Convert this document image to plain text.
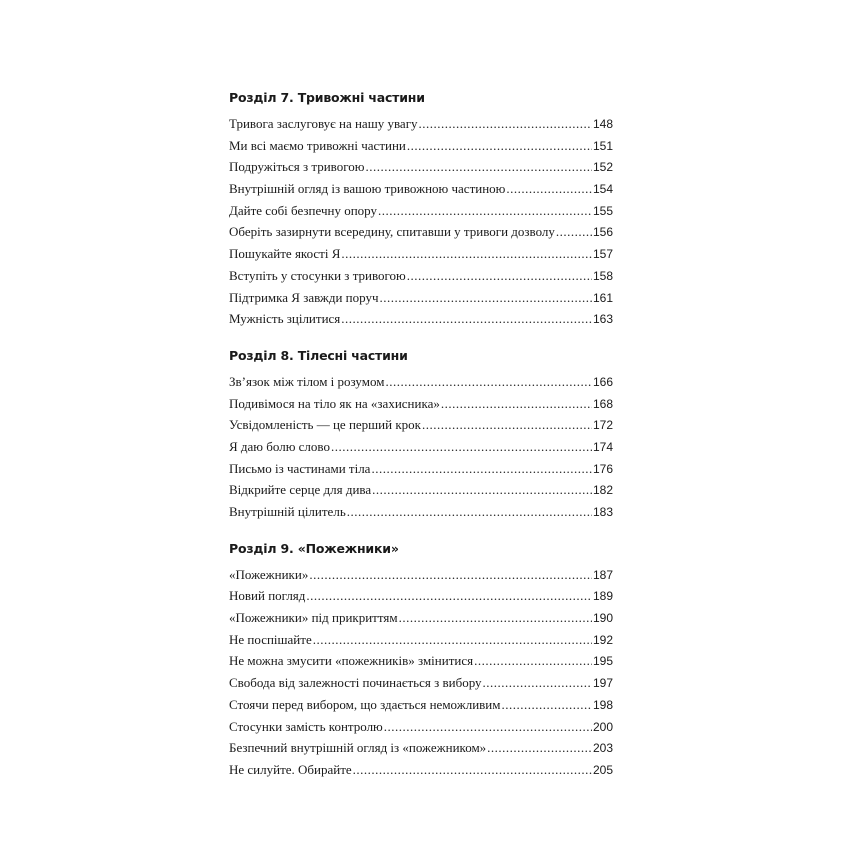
Розділ 7. Тривожні частини
Тривога заслуговує на нашу увагу .....	148
Ми всі маємо тривожні частини .....	151
Подружіться з тривогою .....	152
Внутрішній огляд із вашою тривожною частиною .....	154
Дайте собі безпечну опору .....	155
Оберіть зазирнути всередину, спитавши у тривоги дозволу .....	156
Пошукайте якості Я .....	157
Вступіть у стосунки з тривогою .....	158
Підтримка Я завжди поруч .....	161
Мужність зцілитися .....	163
Розділ 8. Тілесні частини
Зв’язок між тілом і розумом .....	166
Подивімося на тіло як на «захисника» .....	168
Усвідомленість — це перший крок .....	172
Я даю болю слово .....	174
Письмо із частинами тіла .....	176
Відкрийте серце для дива .....	182
Внутрішній цілитель .....	183
Розділ 9. «Пожежники»
«Пожежники» .....	187
Новий погляд .....	189
«Пожежники» під прикриттям .....	190
Не поспішайте .....	192
Не можна змусити «пожежників» змінитися .....	195
Свобода від залежності починається з вибору .....	197
Стоячи перед вибором, що здається неможливим .....	198
Стосунки замість контролю .....	200
Безпечний внутрішній огляд із «пожежником» .....	203
Не силуйте. Обирайте .....	205
